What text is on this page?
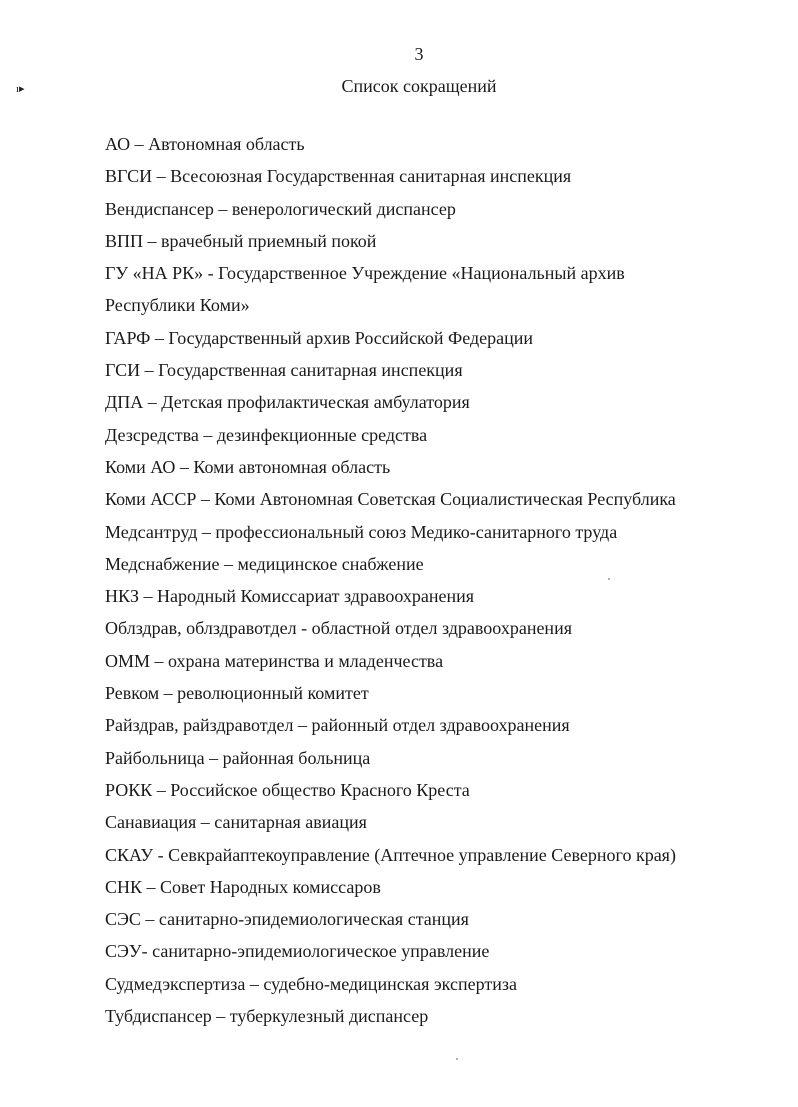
3
ı▸	Список сокращений
АО – Автономная область
ВГСИ – Всесоюзная Государственная санитарная инспекция
Вендиспансер – венерологический диспансер
ВПП – врачебный приемный покой
ГУ «НА РК» - Государственное Учреждение «Национальный архив
Республики Коми»
ГАРФ – Государственный архив Российской Федерации
ГСИ – Государственная санитарная инспекция
ДПА – Детская профилактическая амбулатория
Дезсредства – дезинфекционные средства
Коми АО – Коми автономная область
Коми АССР – Коми Автономная Советская Социалистическая Республика
Медсантруд – профессиональный союз Медико-санитарного труда
Медснабжение – медицинское снабжение
НКЗ – Народный Комиссариат здравоохранения
Облздрав, облздравотдел - областной отдел здравоохранения
ОММ – охрана материнства и младенчества
Ревком – революционный комитет
Райздрав, райздравотдел – районный отдел здравоохранения
Райбольница – районная больница
РОКК – Российское общество Красного Креста
Санавиация – санитарная авиация
СКАУ - Севкрайаптекоуправление (Аптечное управление Северного края)
СНК – Совет Народных комиссаров
СЭС – санитарно-эпидемиологическая станция
СЭУ- санитарно-эпидемиологическое управление
Судмедэкспертиза – судебно-медицинская экспертиза
Тубдиспансер – туберкулезный диспансер
